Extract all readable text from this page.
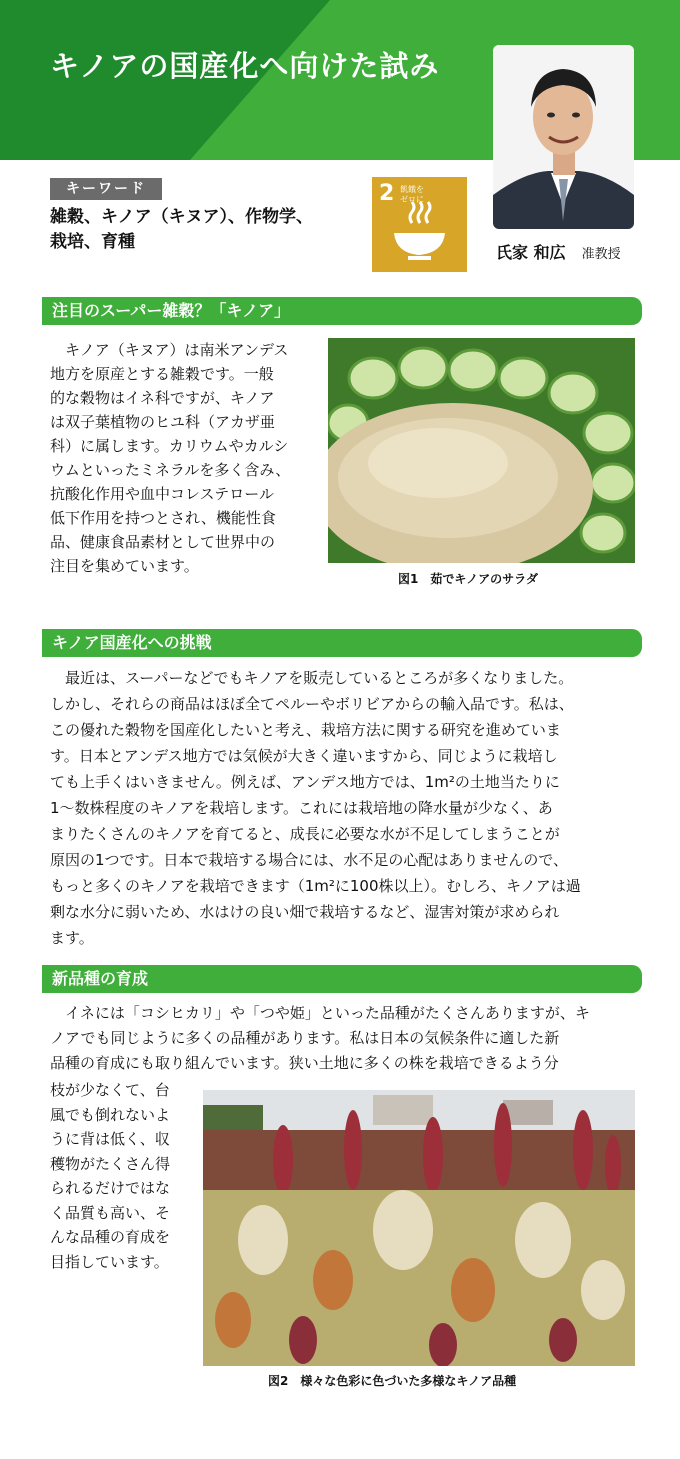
キノアの国産化へ向けた試み
氏家 和広 准教授
キーワード
雑穀、キノア（キヌア）、作物学、
栽培、育種
2 飢餓を
ゼロに
注目のスーパー雑穀？「キノア」
キノア（キヌア）は南米アンデス
地方を原産とする雑穀です。一般
的な穀物はイネ科ですが、キノア
は双子葉植物のヒユ科（アカザ亜
科）に属します。カリウムやカルシ
ウムといったミネラルを多く含み、
抗酸化作用や血中コレステロール
低下作用を持つとされ、機能性食
品、健康食品素材として世界中の
注目を集めています。
図1　茹でキノアのサラダ
キノア国産化への挑戦
最近は、スーパーなどでもキノアを販売しているところが多くなりました。
しかし、それらの商品はほぼ全てペルーやボリビアからの輸入品です。私は、
この優れた穀物を国産化したいと考え、栽培方法に関する研究を進めていま
す。日本とアンデス地方では気候が大きく違いますから、同じように栽培し
ても上手くはいきません。例えば、アンデス地方では、1m²の土地当たりに
1～数株程度のキノアを栽培します。これには栽培地の降水量が少なく、あ
まりたくさんのキノアを育てると、成長に必要な水が不足してしまうことが
原因の1つです。日本で栽培する場合には、水不足の心配はありませんので、
もっと多くのキノアを栽培できます（1m²に100株以上）。むしろ、キノアは過
剰な水分に弱いため、水はけの良い畑で栽培するなど、湿害対策が求められ
ます。
新品種の育成
イネには「コシヒカリ」や「つや姫」といった品種がたくさんありますが、キ
ノアでも同じように多くの品種があります。私は日本の気候条件に適した新
品種の育成にも取り組んでいます。狭い土地に多くの株を栽培できるよう分
枝が少なくて、台
風でも倒れないよ
うに背は低く、収
穫物がたくさん得
られるだけではな
く品質も高い、そ
んな品種の育成を
目指しています。
図2　様々な色彩に色づいた多様なキノア品種
